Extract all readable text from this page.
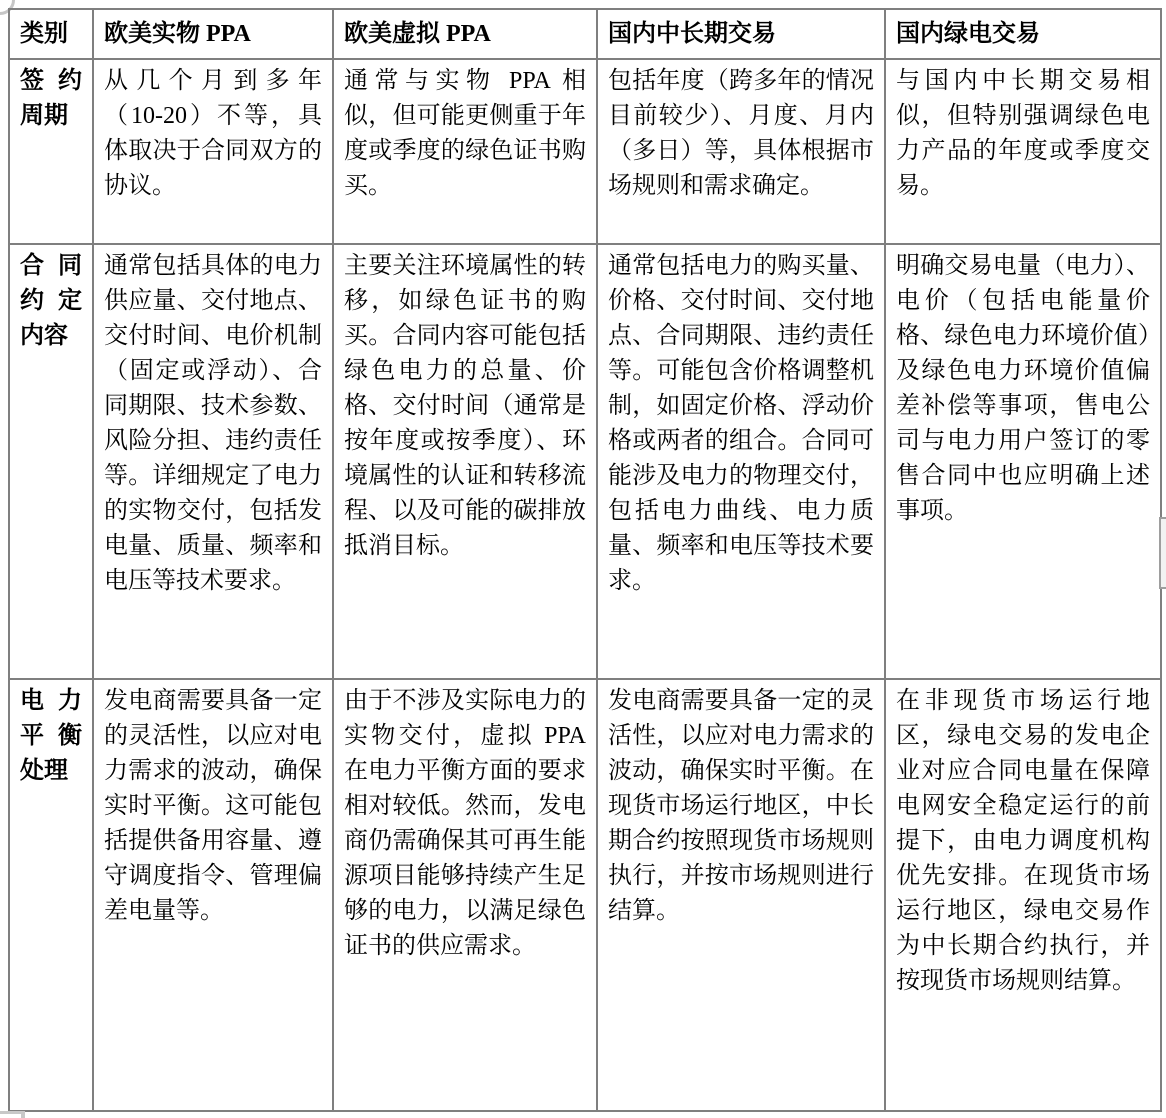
类别	欧美实物 PPA	欧美虚拟 PPA	国内中长期交易	国内绿电交易
签约周期	从几个月到多年（10-20）不等，具体取决于合同双方的协议。	通常与实物 PPA 相似，但可能更侧重于年度或季度的绿色证书购买。	包括年度（跨多年的情况目前较少）、月度、月内（多日）等，具体根据市场规则和需求确定。	与国内中长期交易相似，但特别强调绿色电力产品的年度或季度交易。
合同约定内容	通常包括具体的电力供应量、交付地点、交付时间、电价机制（固定或浮动）、合同期限、技术参数、风险分担、违约责任等。详细规定了电力的实物交付，包括发电量、质量、频率和电压等技术要求。	主要关注环境属性的转移，如绿色证书的购买。合同内容可能包括绿色电力的总量、价格、交付时间（通常是按年度或按季度）、环境属性的认证和转移流程、以及可能的碳排放抵消目标。	通常包括电力的购买量、价格、交付时间、交付地点、合同期限、违约责任等。可能包含价格调整机制，如固定价格、浮动价格或两者的组合。合同可能涉及电力的物理交付，包括电力曲线、电力质量、频率和电压等技术要求。	明确交易电量（电力）、电价（包括电能量价格、绿色电力环境价值）及绿色电力环境价值偏差补偿等事项，售电公司与电力用户签订的零售合同中也应明确上述事项。
电力平衡处理	发电商需要具备一定的灵活性，以应对电力需求的波动，确保实时平衡。这可能包括提供备用容量、遵守调度指令、管理偏差电量等。	由于不涉及实际电力的实物交付，虚拟 PPA 在电力平衡方面的要求相对较低。然而，发电商仍需确保其可再生能源项目能够持续产生足够的电力，以满足绿色证书的供应需求。	发电商需要具备一定的灵活性，以应对电力需求的波动，确保实时平衡。在现货市场运行地区，中长期合约按照现货市场规则执行，并按市场规则进行结算。	在非现货市场运行地区，绿电交易的发电企业对应合同电量在保障电网安全稳定运行的前提下，由电力调度机构优先安排。在现货市场运行地区，绿电交易作为中长期合约执行，并按现货市场规则结算。
